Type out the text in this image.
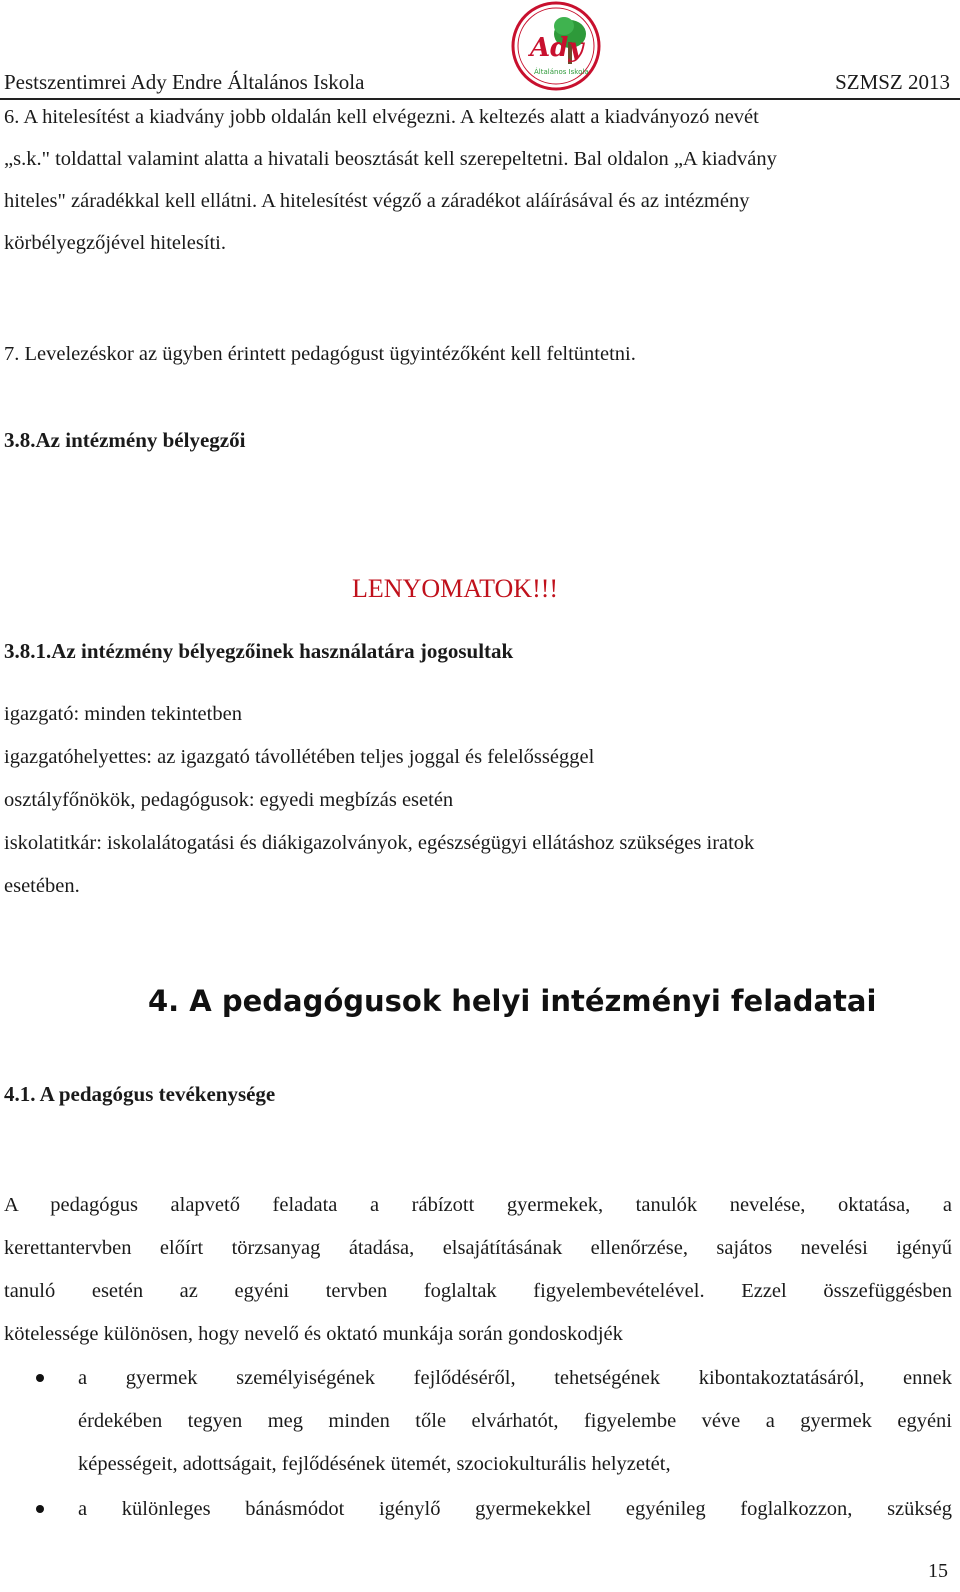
Pestszentimrei Ady Endre Általános Iskola
Ady
Általános Iskola	SZMSZ 2013
6. A hitelesítést a kiadvány jobb oldalán kell elvégezni. A keltezés alatt a kiadványozó nevét
„s.k." toldattal valamint alatta a hivatali beosztását kell szerepeltetni. Bal oldalon „A kiadvány
hiteles" záradékkal kell ellátni. A hitelesítést végző a záradékot aláírásával és az intézmény
körbélyegzőjével hitelesíti.
7. Levelezéskor az ügyben érintett pedagógust ügyintézőként kell feltüntetni.
3.8.Az intézmény bélyegzői
LENYOMATOK!!!
3.8.1.Az intézmény bélyegzőinek használatára jogosultak
igazgató: minden tekintetben
igazgatóhelyettes: az igazgató távollétében teljes joggal és felelősséggel
osztályfőnökök, pedagógusok: egyedi megbízás esetén
iskolatitkár: iskolalátogatási és diákigazolványok, egészségügyi ellátáshoz szükséges iratok
esetében.
4. A pedagógusok helyi intézményi feladatai
4.1. A pedagógus tevékenysége
A pedagógus alapvető feladata a rábízott gyermekek, tanulók nevelése, oktatása, a
kerettantervben előírt törzsanyag átadása, elsajátításának ellenőrzése, sajátos nevelési igényű
tanuló esetén az egyéni tervben foglaltak figyelembevételével. Ezzel összefüggésben
kötelessége különösen, hogy nevelő és oktató munkája során gondoskodjék
a gyermek személyiségének fejlődéséről, tehetségének kibontakoztatásáról, ennek
érdekében tegyen meg minden tőle elvárhatót, figyelembe véve a gyermek egyéni
képességeit, adottságait, fejlődésének ütemét, szociokulturális helyzetét,
a különleges bánásmódot igénylő gyermekekkel egyénileg foglalkozzon, szükség
15
